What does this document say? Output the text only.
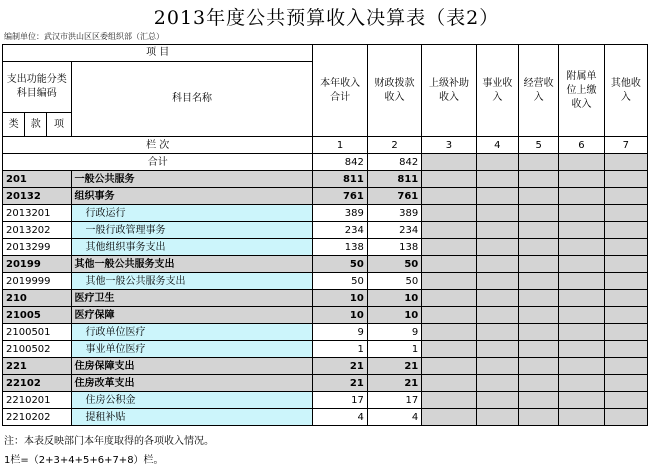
2013年度公共预算收入决算表（表2）
编制单位：武汉市洪山区区委组织部（汇总）
项 目				本年收入合计	财政拨款收入	上级补助收入	事业收入	经营收入	附属单位上缴收入	其他收入
支出功能分类科目编码			科目名称							
类	款	项								
栏 次				1	2	3	4	5	6	7
合计				842	842					
201			一般公共服务	811	811					
20132			组织事务	761	761					
2013201			行政运行	389	389					
2013202			一般行政管理事务	234	234					
2013299			其他组织事务支出	138	138					
20199			其他一般公共服务支出	50	50					
2019999			其他一般公共服务支出	50	50					
210			医疗卫生	10	10					
21005			医疗保障	10	10					
2100501			行政单位医疗	9	9					
2100502			事业单位医疗	1	1					
221			住房保障支出	21	21					
22102			住房改革支出	21	21					
2210201			住房公积金	17	17					
2210202			提租补贴	4	4					
注：本表反映部门本年度取得的各项收入情况。
1栏=（2+3+4+5+6+7+8）栏。
